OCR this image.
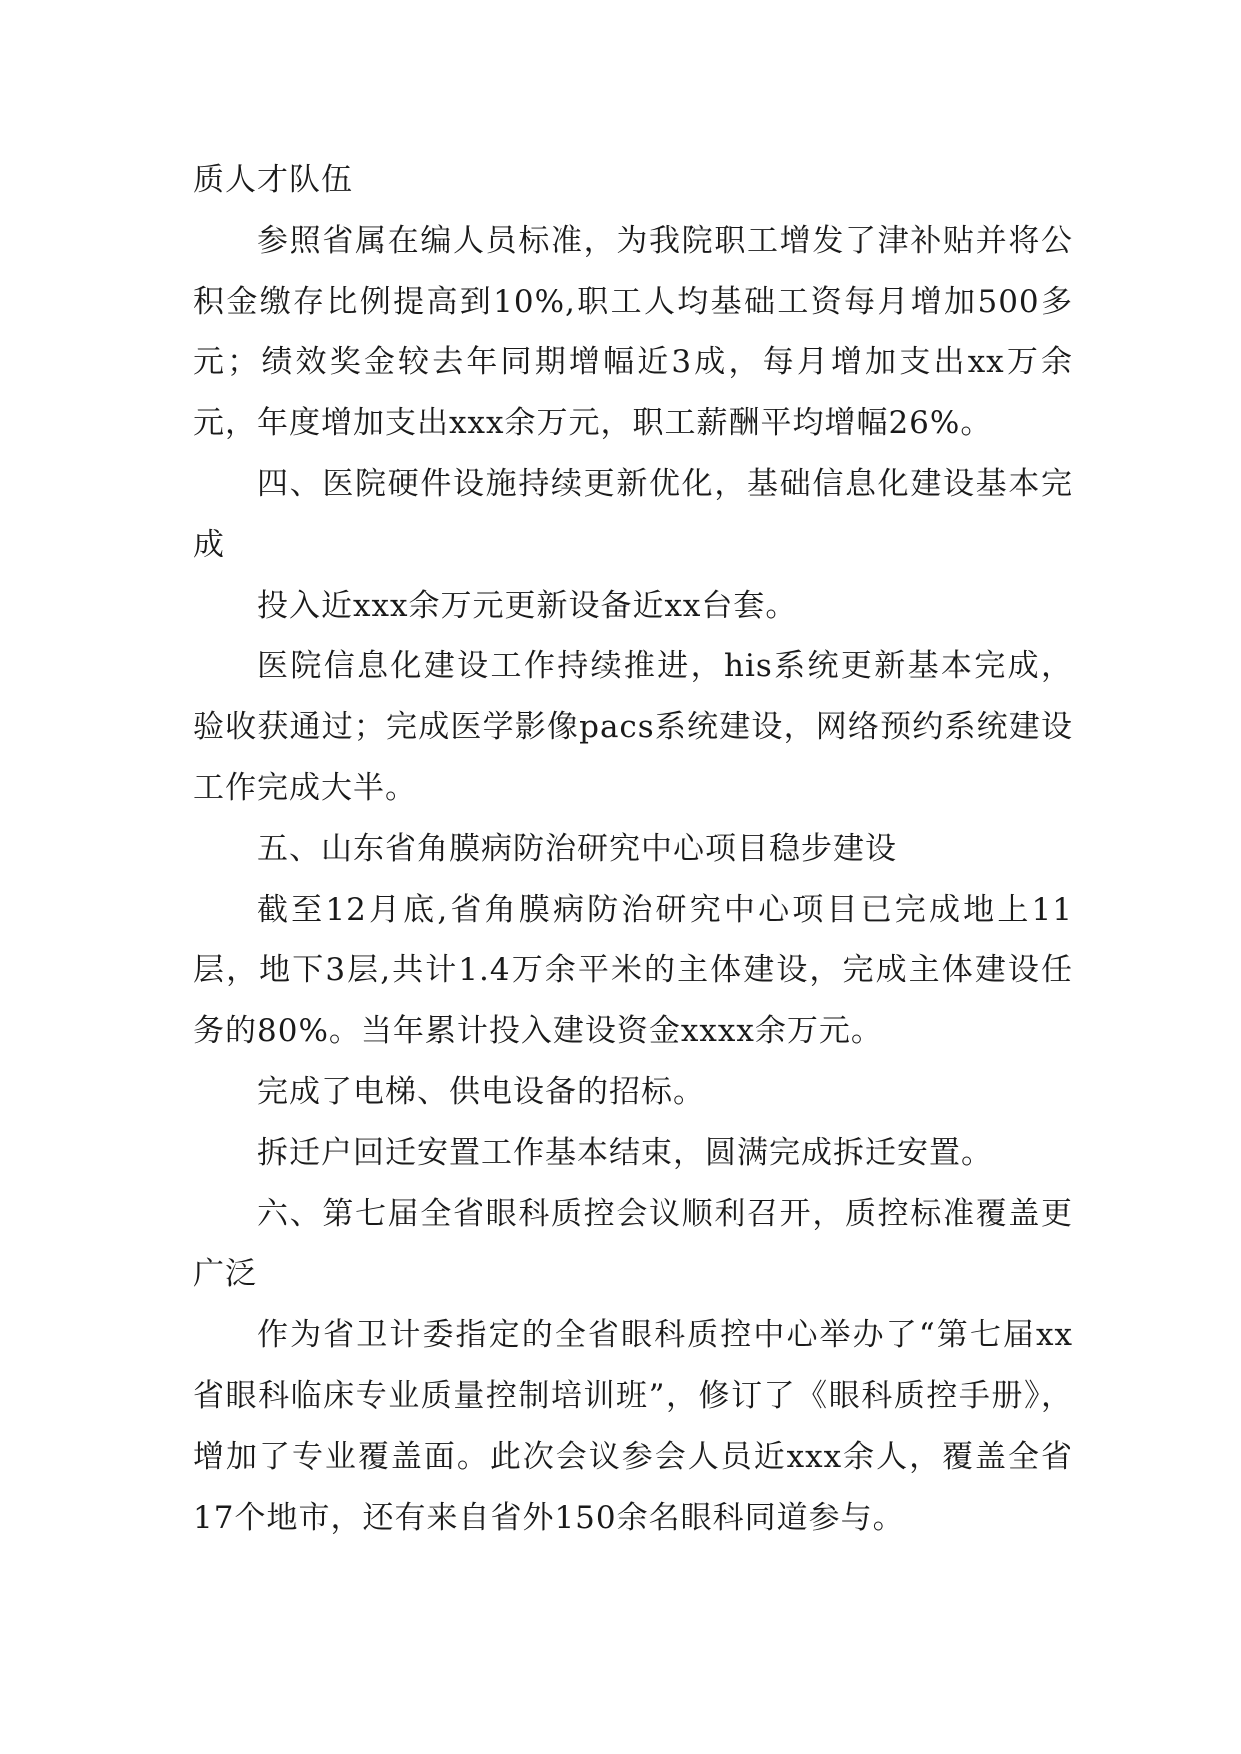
质人才队伍

参照省属在编人员标准，为我院职工增发了津补贴并将公积金缴存比例提高到10%,职工人均基础工资每月增加500多元；绩效奖金较去年同期增幅近3成，每月增加支出xx万余元，年度增加支出xxx余万元，职工薪酬平均增幅26%。

四、医院硬件设施持续更新优化，基础信息化建设基本完成

投入近xxx余万元更新设备近xx台套。

医院信息化建设工作持续推进，his系统更新基本完成，验收获通过；完成医学影像pacs系统建设，网络预约系统建设工作完成大半。

五、山东省角膜病防治研究中心项目稳步建设

截至12月底,省角膜病防治研究中心项目已完成地上11层，地下3层,共计1.4万余平米的主体建设，完成主体建设任务的80%。当年累计投入建设资金xxxx余万元。

完成了电梯、供电设备的招标。

拆迁户回迁安置工作基本结束，圆满完成拆迁安置。

六、第七届全省眼科质控会议顺利召开，质控标准覆盖更广泛

作为省卫计委指定的全省眼科质控中心举办了“第七届xx省眼科临床专业质量控制培训班”，修订了《眼科质控手册》，增加了专业覆盖面。此次会议参会人员近xxx余人，覆盖全省17个地市，还有来自省外150余名眼科同道参与。
